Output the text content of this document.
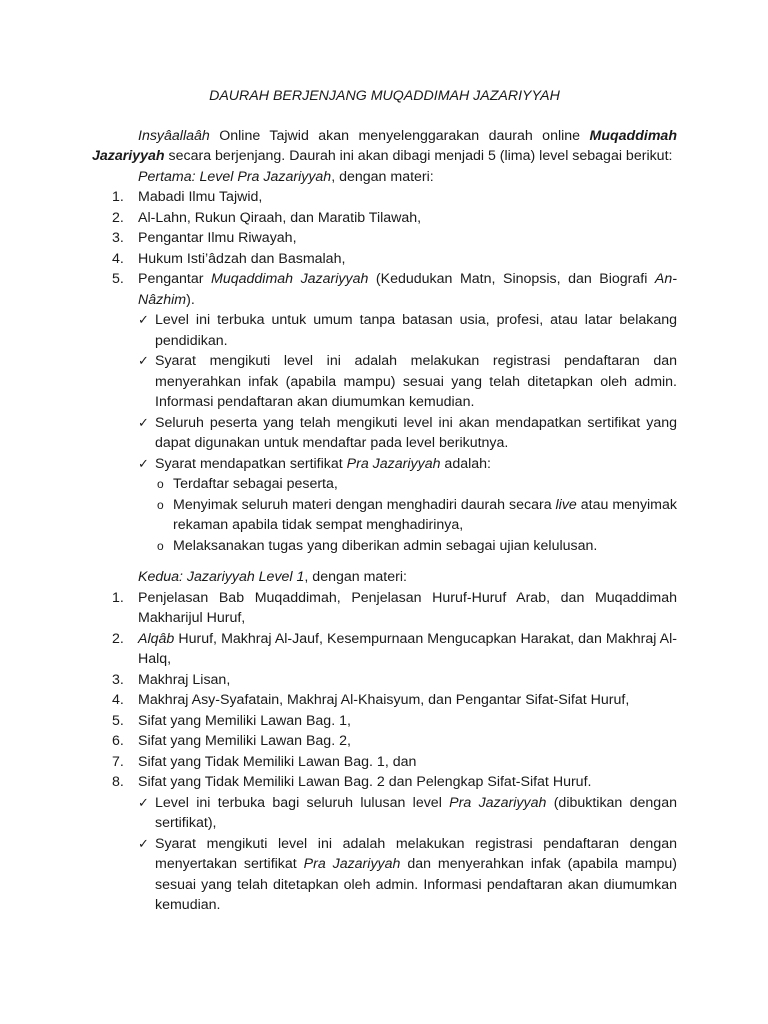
DAURAH BERJENJANG MUQADDIMAH JAZARIYYAH

Insyâallaâh Online Tajwid akan menyelenggarakan daurah online Muqaddimah Jazariyyah secara berjenjang. Daurah ini akan dibagi menjadi 5 (lima) level sebagai berikut:

Pertama: Level Pra Jazariyyah, dengan materi:

1. Mabadi Ilmu Tajwid,
2. Al-Lahn, Rukun Qiraah, dan Maratib Tilawah,
3. Pengantar Ilmu Riwayah,
4. Hukum Isti’âdzah dan Basmalah,
5. Pengantar Muqaddimah Jazariyyah (Kedudukan Matn, Sinopsis, dan Biografi An-Nâzhim).
✓ Level ini terbuka untuk umum tanpa batasan usia, profesi, atau latar belakang pendidikan.
✓ Syarat mengikuti level ini adalah melakukan registrasi pendaftaran dan menyerahkan infak (apabila mampu) sesuai yang telah ditetapkan oleh admin. Informasi pendaftaran akan diumumkan kemudian.
✓ Seluruh peserta yang telah mengikuti level ini akan mendapatkan sertifikat yang dapat digunakan untuk mendaftar pada level berikutnya.
✓ Syarat mendapatkan sertifikat Pra Jazariyyah adalah:
o Terdaftar sebagai peserta,
o Menyimak seluruh materi dengan menghadiri daurah secara live atau menyimak rekaman apabila tidak sempat menghadirinya,
o Melaksanakan tugas yang diberikan admin sebagai ujian kelulusan.

Kedua: Jazariyyah Level 1, dengan materi:

1. Penjelasan Bab Muqaddimah, Penjelasan Huruf-Huruf Arab, dan Muqaddimah Makharijul Huruf,
2. Alqâb Huruf, Makhraj Al-Jauf, Kesempurnaan Mengucapkan Harakat, dan Makhraj Al-Halq,
3. Makhraj Lisan,
4. Makhraj Asy-Syafatain, Makhraj Al-Khaisyum, dan Pengantar Sifat-Sifat Huruf,
5. Sifat yang Memiliki Lawan Bag. 1,
6. Sifat yang Memiliki Lawan Bag. 2,
7. Sifat yang Tidak Memiliki Lawan Bag. 1, dan
8. Sifat yang Tidak Memiliki Lawan Bag. 2 dan Pelengkap Sifat-Sifat Huruf.
✓ Level ini terbuka bagi seluruh lulusan level Pra Jazariyyah (dibuktikan dengan sertifikat),
✓ Syarat mengikuti level ini adalah melakukan registrasi pendaftaran dengan menyertakan sertifikat Pra Jazariyyah dan menyerahkan infak (apabila mampu) sesuai yang telah ditetapkan oleh admin. Informasi pendaftaran akan diumumkan kemudian.
